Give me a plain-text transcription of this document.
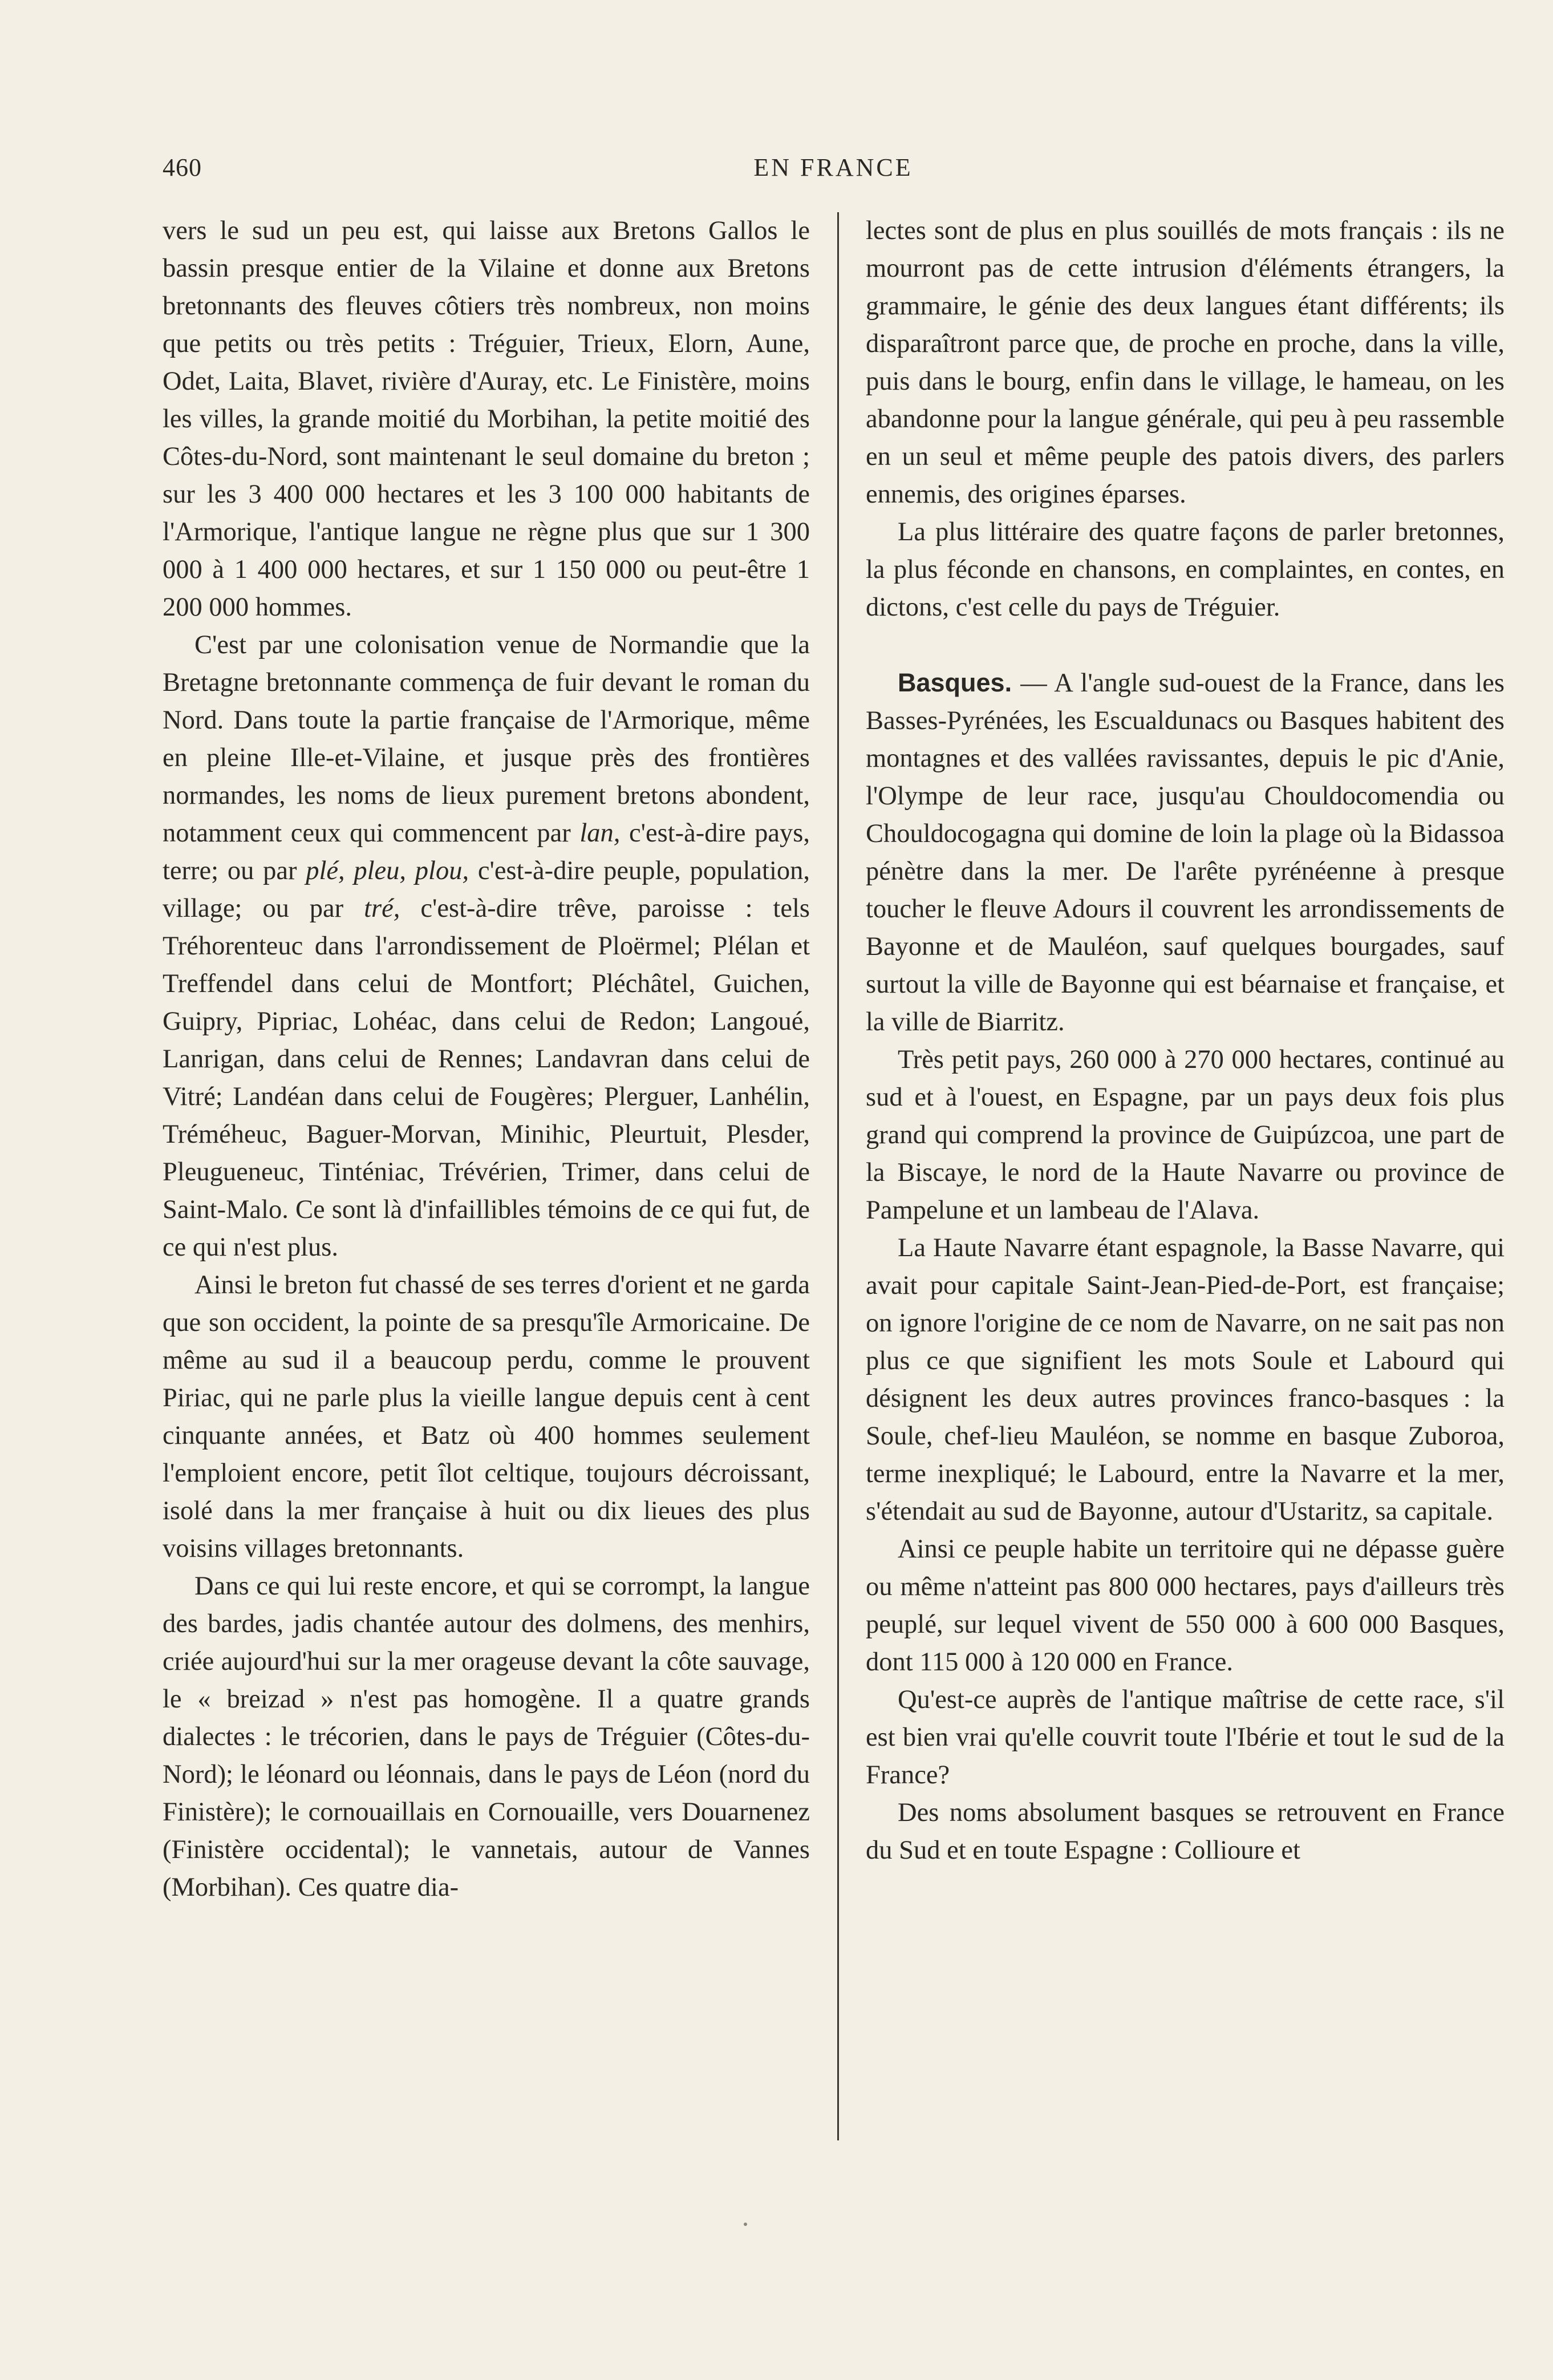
460	EN FRANCE

vers le sud un peu est, qui laisse aux Bretons Gallos le bassin presque entier de la Vilaine et donne aux Bretons bretonnants des fleuves côtiers très nombreux, non moins que petits ou très petits : Tréguier, Trieux, Elorn, Aune, Odet, Laita, Blavet, rivière d'Auray, etc. Le Finistère, moins les villes, la grande moitié du Morbihan, la petite moitié des Côtes-du-Nord, sont maintenant le seul domaine du breton ; sur les 3 400 000 hectares et les 3 100 000 habitants de l'Armorique, l'antique langue ne règne plus que sur 1 300 000 à 1 400 000 hectares, et sur 1 150 000 ou peut-être 1 200 000 hommes.

C'est par une colonisation venue de Normandie que la Bretagne bretonnante commença de fuir devant le roman du Nord. Dans toute la partie française de l'Armorique, même en pleine Ille-et-Vilaine, et jusque près des frontières normandes, les noms de lieux purement bretons abondent, notamment ceux qui commencent par lan, c'est-à-dire pays, terre; ou par plé, pleu, plou, c'est-à-dire peuple, population, village; ou par tré, c'est-à-dire trêve, paroisse : tels Tréhorenteuc dans l'arrondissement de Ploërmel; Plélan et Treffendel dans celui de Montfort; Pléchâtel, Guichen, Guipry, Pipriac, Lohéac, dans celui de Redon; Langoué, Lanrigan, dans celui de Rennes; Landavran dans celui de Vitré; Landéan dans celui de Fougères; Plerguer, Lanhélin, Tréméheuc, Baguer-Morvan, Minihic, Pleurtuit, Plesder, Pleugueneuc, Tinténiac, Trévérien, Trimer, dans celui de Saint-Malo. Ce sont là d'infaillibles témoins de ce qui fut, de ce qui n'est plus.

Ainsi le breton fut chassé de ses terres d'orient et ne garda que son occident, la pointe de sa presqu'île Armoricaine. De même au sud il a beaucoup perdu, comme le prouvent Piriac, qui ne parle plus la vieille langue depuis cent à cent cinquante années, et Batz où 400 hommes seulement l'emploient encore, petit îlot celtique, toujours décroissant, isolé dans la mer française à huit ou dix lieues des plus voisins villages bretonnants.

Dans ce qui lui reste encore, et qui se corrompt, la langue des bardes, jadis chantée autour des dolmens, des menhirs, criée aujourd'hui sur la mer orageuse devant la côte sauvage, le « breizad » n'est pas homogène. Il a quatre grands dialectes : le trécorien, dans le pays de Tréguier (Côtes-du-Nord); le léonard ou léonnais, dans le pays de Léon (nord du Finistère); le cornouaillais en Cornouaille, vers Douarnenez (Finistère occidental); le vannetais, autour de Vannes (Morbihan). Ces quatre dia-

lectes sont de plus en plus souillés de mots français : ils ne mourront pas de cette intrusion d'éléments étrangers, la grammaire, le génie des deux langues étant différents; ils disparaîtront parce que, de proche en proche, dans la ville, puis dans le bourg, enfin dans le village, le hameau, on les abandonne pour la langue générale, qui peu à peu rassemble en un seul et même peuple des patois divers, des parlers ennemis, des origines éparses.

La plus littéraire des quatre façons de parler bretonnes, la plus féconde en chansons, en complaintes, en contes, en dictons, c'est celle du pays de Tréguier.

Basques. — A l'angle sud-ouest de la France, dans les Basses-Pyrénées, les Escualdunacs ou Basques habitent des montagnes et des vallées ravissantes, depuis le pic d'Anie, l'Olympe de leur race, jusqu'au Chouldocomendia ou Chouldocogagna qui domine de loin la plage où la Bidassoa pénètre dans la mer. De l'arête pyrénéenne à presque toucher le fleuve Adours il couvrent les arrondissements de Bayonne et de Mauléon, sauf quelques bourgades, sauf surtout la ville de Bayonne qui est béarnaise et française, et la ville de Biarritz.

Très petit pays, 260 000 à 270 000 hectares, continué au sud et à l'ouest, en Espagne, par un pays deux fois plus grand qui comprend la province de Guipúzcoa, une part de la Biscaye, le nord de la Haute Navarre ou province de Pampelune et un lambeau de l'Alava.

La Haute Navarre étant espagnole, la Basse Navarre, qui avait pour capitale Saint-Jean-Pied-de-Port, est française; on ignore l'origine de ce nom de Navarre, on ne sait pas non plus ce que signifient les mots Soule et Labourd qui désignent les deux autres provinces franco-basques : la Soule, chef-lieu Mauléon, se nomme en basque Zuboroa, terme inexpliqué; le Labourd, entre la Navarre et la mer, s'étendait au sud de Bayonne, autour d'Ustaritz, sa capitale.

Ainsi ce peuple habite un territoire qui ne dépasse guère ou même n'atteint pas 800 000 hectares, pays d'ailleurs très peuplé, sur lequel vivent de 550 000 à 600 000 Basques, dont 115 000 à 120 000 en France.

Qu'est-ce auprès de l'antique maîtrise de cette race, s'il est bien vrai qu'elle couvrit toute l'Ibérie et tout le sud de la France?

Des noms absolument basques se retrouvent en France du Sud et en toute Espagne : Collioure et
